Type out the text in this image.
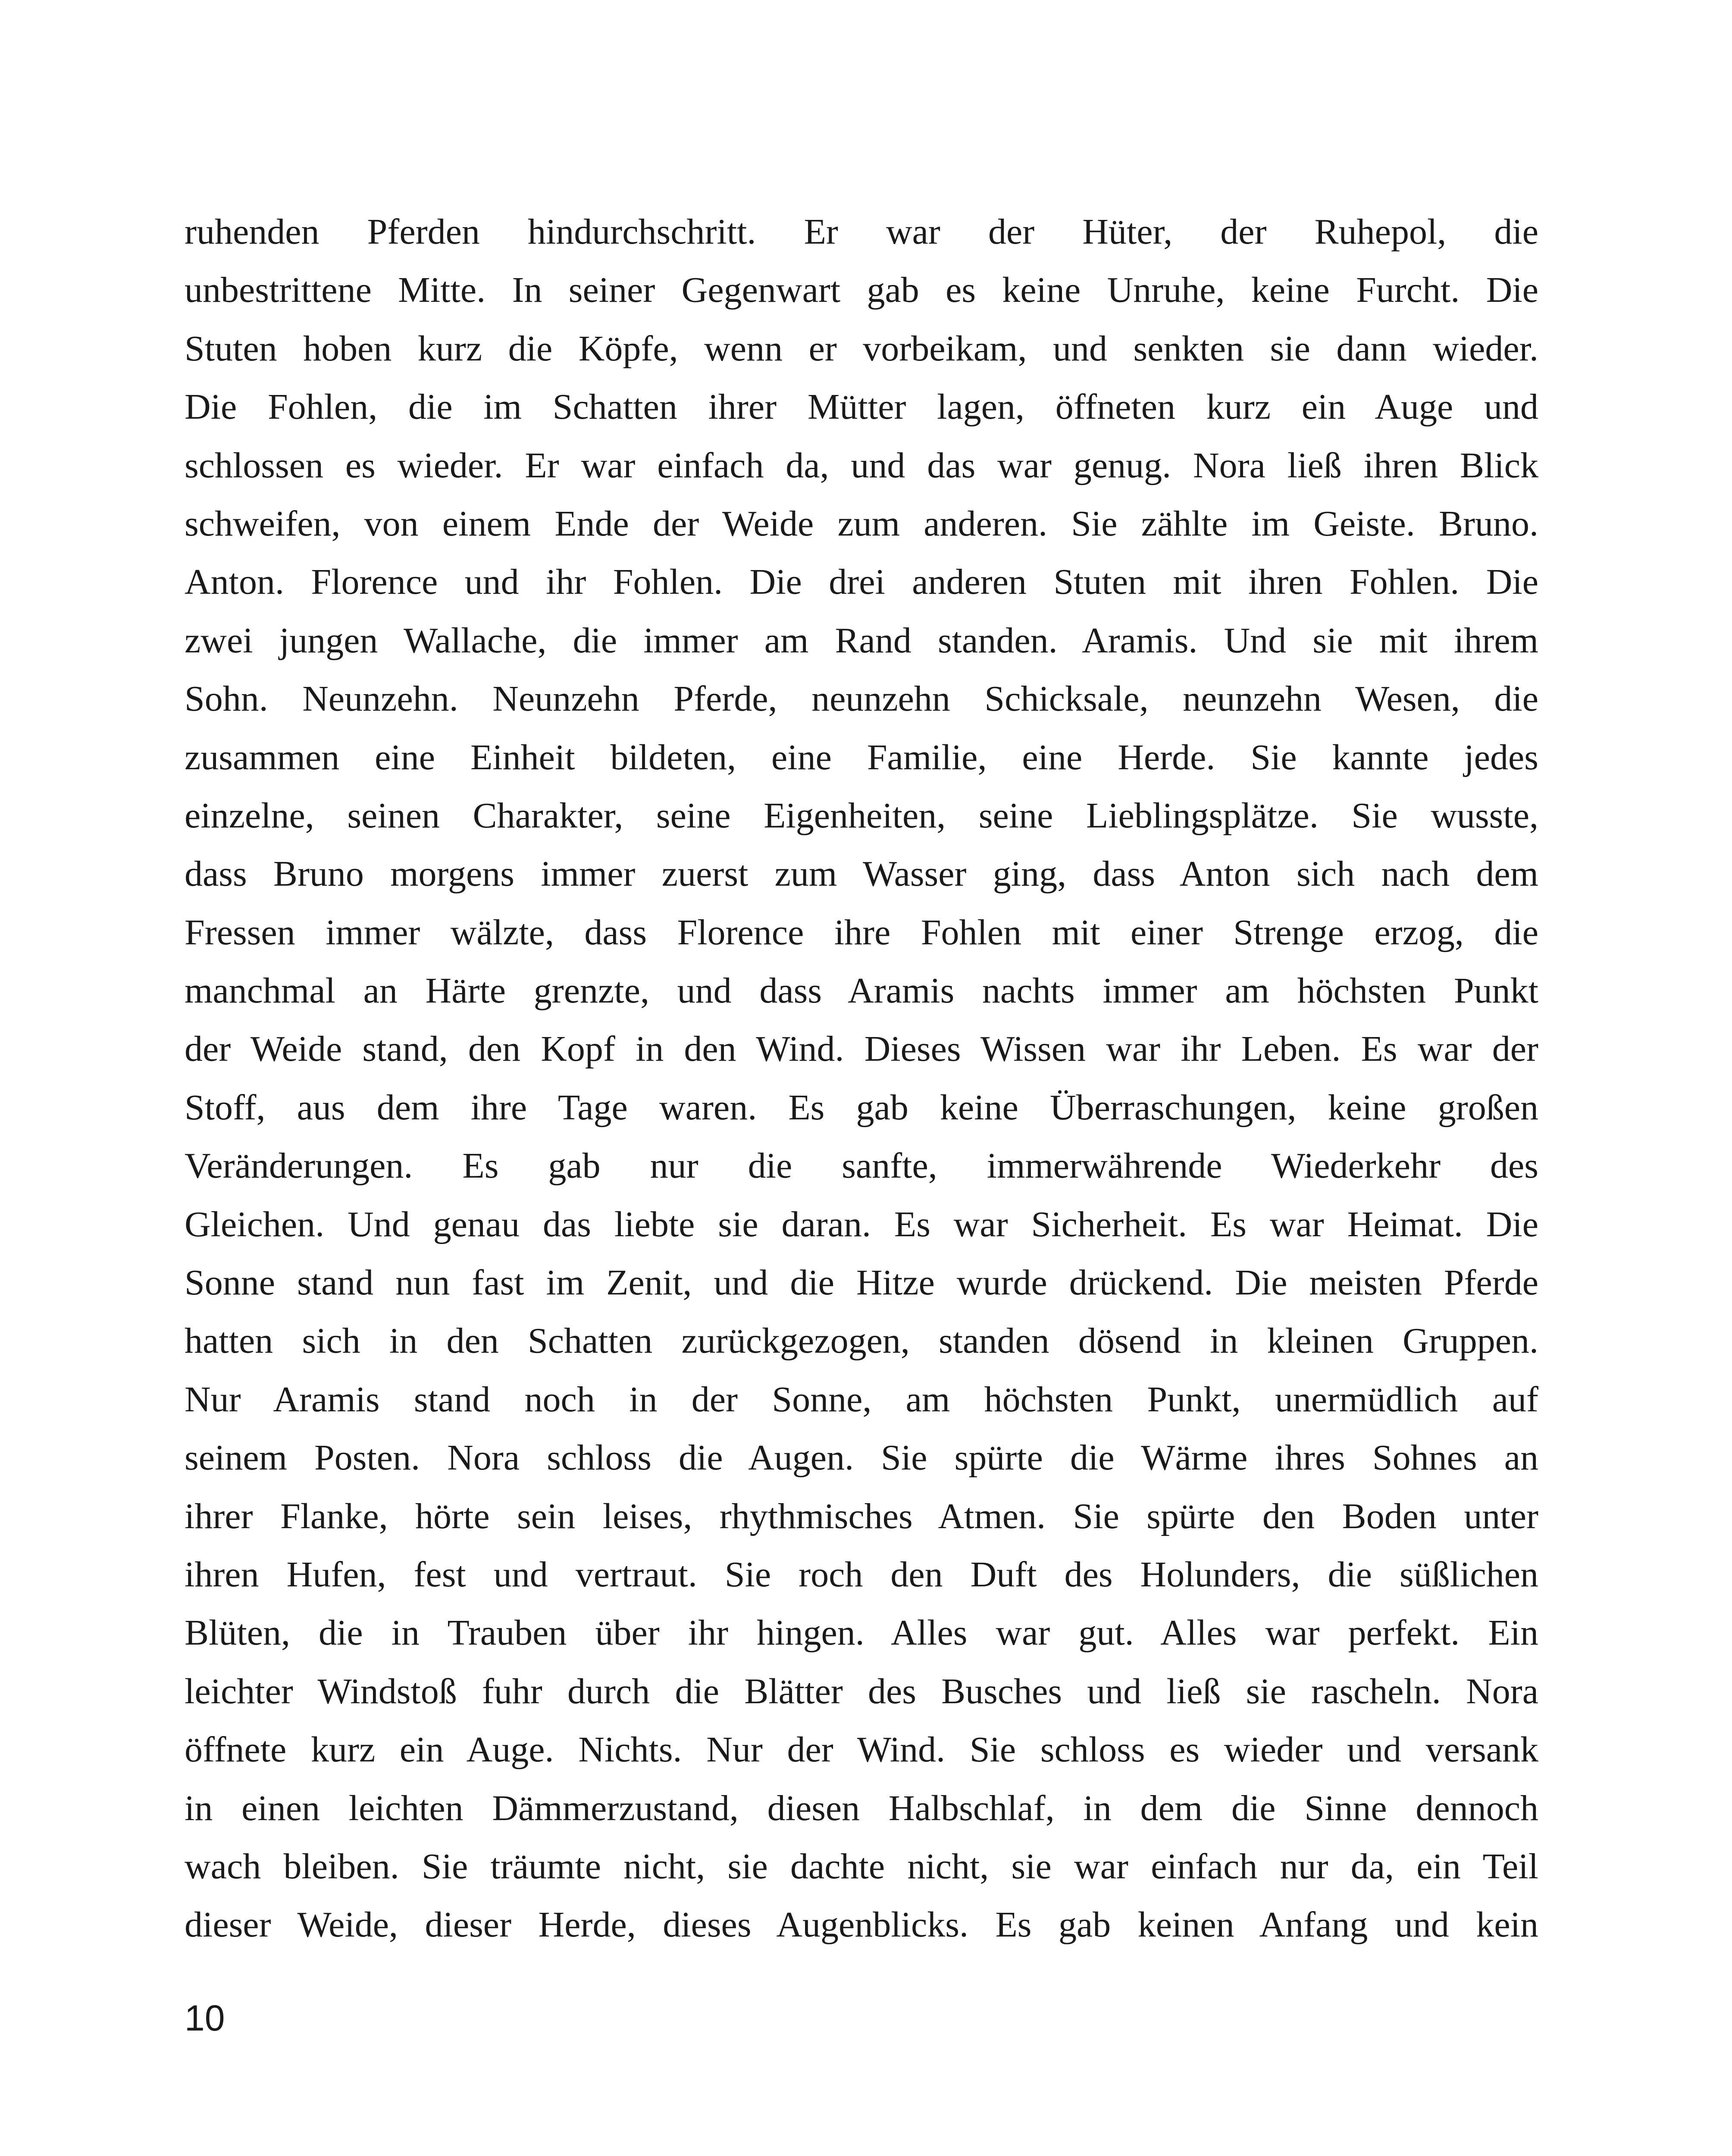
ruhenden Pferden hindurchschritt. Er war der Hüter, der Ruhepol, die
unbestrittene Mitte. In seiner Gegenwart gab es keine Unruhe, keine Furcht. Die
Stuten hoben kurz die Köpfe, wenn er vorbeikam, und senkten sie dann wieder.
Die Fohlen, die im Schatten ihrer Mütter lagen, öffneten kurz ein Auge und
schlossen es wieder. Er war einfach da, und das war genug. Nora ließ ihren Blick
schweifen, von einem Ende der Weide zum anderen. Sie zählte im Geiste. Bruno.
Anton. Florence und ihr Fohlen. Die drei anderen Stuten mit ihren Fohlen. Die
zwei jungen Wallache, die immer am Rand standen. Aramis. Und sie mit ihrem
Sohn. Neunzehn. Neunzehn Pferde, neunzehn Schicksale, neunzehn Wesen, die
zusammen eine Einheit bildeten, eine Familie, eine Herde. Sie kannte jedes
einzelne, seinen Charakter, seine Eigenheiten, seine Lieblingsplätze. Sie wusste,
dass Bruno morgens immer zuerst zum Wasser ging, dass Anton sich nach dem
Fressen immer wälzte, dass Florence ihre Fohlen mit einer Strenge erzog, die
manchmal an Härte grenzte, und dass Aramis nachts immer am höchsten Punkt
der Weide stand, den Kopf in den Wind. Dieses Wissen war ihr Leben. Es war der
Stoff, aus dem ihre Tage waren. Es gab keine Überraschungen, keine großen
Veränderungen. Es gab nur die sanfte, immerwährende Wiederkehr des
Gleichen. Und genau das liebte sie daran. Es war Sicherheit. Es war Heimat. Die
Sonne stand nun fast im Zenit, und die Hitze wurde drückend. Die meisten Pferde
hatten sich in den Schatten zurückgezogen, standen dösend in kleinen Gruppen.
Nur Aramis stand noch in der Sonne, am höchsten Punkt, unermüdlich auf
seinem Posten. Nora schloss die Augen. Sie spürte die Wärme ihres Sohnes an
ihrer Flanke, hörte sein leises, rhythmisches Atmen. Sie spürte den Boden unter
ihren Hufen, fest und vertraut. Sie roch den Duft des Holunders, die süßlichen
Blüten, die in Trauben über ihr hingen. Alles war gut. Alles war perfekt. Ein
leichter Windstoß fuhr durch die Blätter des Busches und ließ sie rascheln. Nora
öffnete kurz ein Auge. Nichts. Nur der Wind. Sie schloss es wieder und versank
in einen leichten Dämmerzustand, diesen Halbschlaf, in dem die Sinne dennoch
wach bleiben. Sie träumte nicht, sie dachte nicht, sie war einfach nur da, ein Teil
dieser Weide, dieser Herde, dieses Augenblicks. Es gab keinen Anfang und kein
10
